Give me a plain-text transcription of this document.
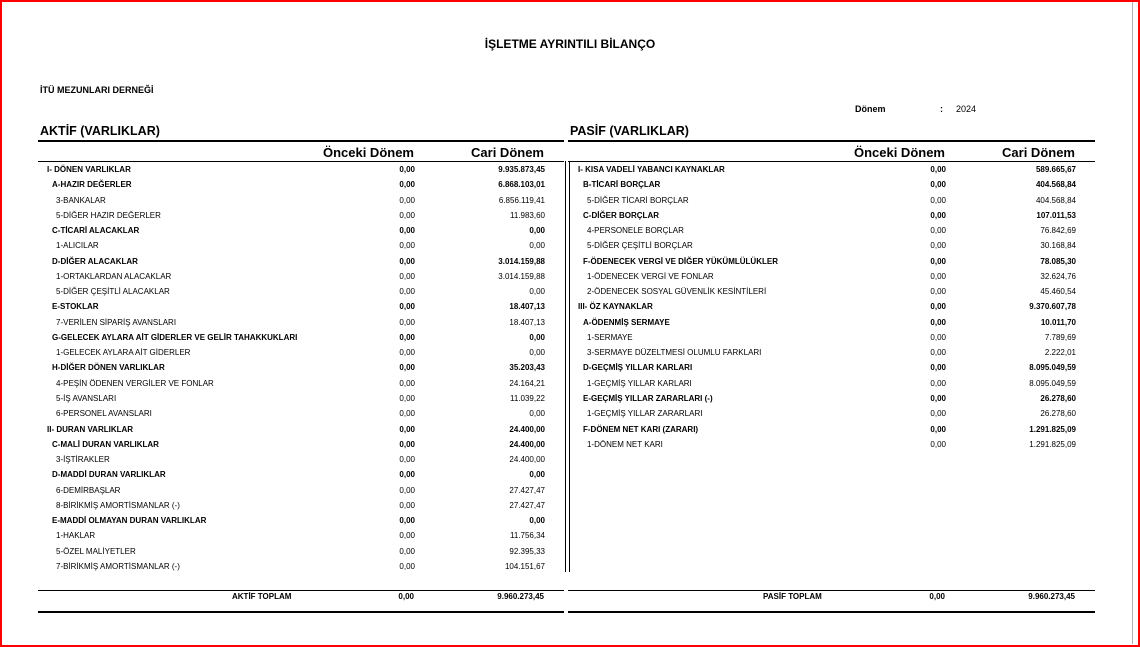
İŞLETME AYRINTILI BİLANÇO
İTÜ MEZUNLARI DERNEĞİ
Dönem	: 2024
AKTİF (VARLIKLAR)
Önceki Dönem	Cari Dönem
I- DÖNEN VARLIKLAR	0,00	9.935.873,45
A-HAZIR DEĞERLER	0,00	6.868.103,01
3-BANKALAR	0,00	6.856.119,41
5-DİĞER HAZIR DEĞERLER	0,00	11.983,60
C-TİCARİ ALACAKLAR	0,00	0,00
1-ALICILAR	0,00	0,00
D-DİĞER ALACAKLAR	0,00	3.014.159,88
1-ORTAKLARDAN ALACAKLAR	0,00	3.014.159,88
5-DİĞER ÇEŞİTLİ ALACAKLAR	0,00	0,00
E-STOKLAR	0,00	18.407,13
7-VERİLEN SİPARİŞ AVANSLARI	0,00	18.407,13
G-GELECEK AYLARA AİT GİDERLER VE GELİR TAHAKKUKLARI	0,00	0,00
1-GELECEK AYLARA AİT GİDERLER	0,00	0,00
H-DİĞER DÖNEN VARLIKLAR	0,00	35.203,43
4-PEŞİN ÖDENEN VERGİLER VE FONLAR	0,00	24.164,21
5-İŞ AVANSLARI	0,00	11.039,22
6-PERSONEL AVANSLARI	0,00	0,00
II- DURAN VARLIKLAR	0,00	24.400,00
C-MALİ DURAN VARLIKLAR	0,00	24.400,00
3-İŞTİRAKLER	0,00	24.400,00
D-MADDİ DURAN VARLIKLAR	0,00	0,00
6-DEMİRBAŞLAR	0,00	27.427,47
8-BİRİKMİŞ AMORTİSMANLAR (-)	0,00	27.427,47
E-MADDİ OLMAYAN DURAN VARLIKLAR	0,00	0,00
1-HAKLAR	0,00	11.756,34
5-ÖZEL MALİYETLER	0,00	92.395,33
7-BİRİKMİŞ AMORTİSMANLAR (-)	0,00	104.151,67
PASİF (VARLIKLAR)
Önceki Dönem	Cari Dönem
I- KISA VADELİ YABANCI KAYNAKLAR	0,00	589.665,67
B-TİCARİ BORÇLAR	0,00	404.568,84
5-DİĞER TİCARİ BORÇLAR	0,00	404.568,84
C-DİĞER BORÇLAR	0,00	107.011,53
4-PERSONELE BORÇLAR	0,00	76.842,69
5-DİĞER ÇEŞİTLİ BORÇLAR	0,00	30.168,84
F-ÖDENECEK VERGİ VE DİĞER YÜKÜMLÜLÜKLER	0,00	78.085,30
1-ÖDENECEK VERGİ VE FONLAR	0,00	32.624,76
2-ÖDENECEK SOSYAL GÜVENLİK KESİNTİLERİ	0,00	45.460,54
III- ÖZ KAYNAKLAR	0,00	9.370.607,78
A-ÖDENMİŞ SERMAYE	0,00	10.011,70
1-SERMAYE	0,00	7.789,69
3-SERMAYE DÜZELTMESİ OLUMLU FARKLARI	0,00	2.222,01
D-GEÇMİŞ YILLAR KARLARI	0,00	8.095.049,59
1-GEÇMİŞ YILLAR KARLARI	0,00	8.095.049,59
E-GEÇMİŞ YILLAR ZARARLARI (-)	0,00	26.278,60
1-GEÇMİŞ YILLAR ZARARLARI	0,00	26.278,60
F-DÖNEM NET KARI (ZARARI)	0,00	1.291.825,09
1-DÖNEM NET KARI	0,00	1.291.825,09
AKTİF TOPLAM	0,00	9.960.273,45	PASİF TOPLAM	0,00	9.960.273,45
